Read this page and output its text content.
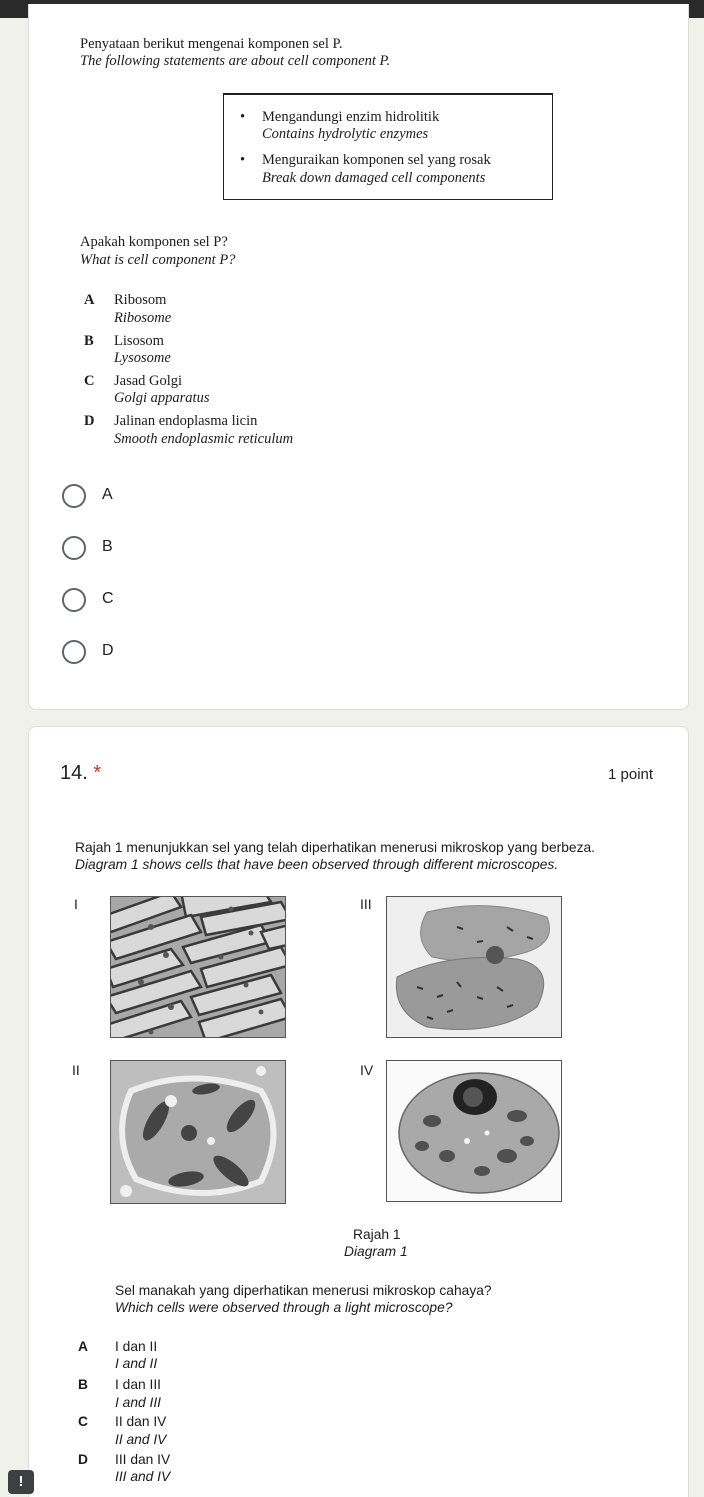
Penyataan berikut mengenai komponen sel P.
The following statements are about cell component P.
• Mengandungi enzim hidrolitik
Contains hydrolytic enzymes
• Menguraikan komponen sel yang rosak
Break down damaged cell components
Apakah komponen sel P?
What is cell component P?
A Ribosom
Ribosome
B Lisosom
Lysosome
C Jasad Golgi
Golgi apparatus
D Jalinan endoplasma licin
Smooth endoplasmic reticulum
A
B
C
D
14. *	1 point
Rajah 1 menunjukkan sel yang telah diperhatikan menerusi mikroskop yang berbeza.
Diagram 1 shows cells that have been observed through different microscopes.
I
II
III
IV
Rajah 1
Diagram 1
Sel manakah yang diperhatikan menerusi mikroskop cahaya?
Which cells were observed through a light microscope?
A I dan II
I and II
B I dan III
I and III
C II dan IV
II and IV
D III dan IV
III and IV
!
